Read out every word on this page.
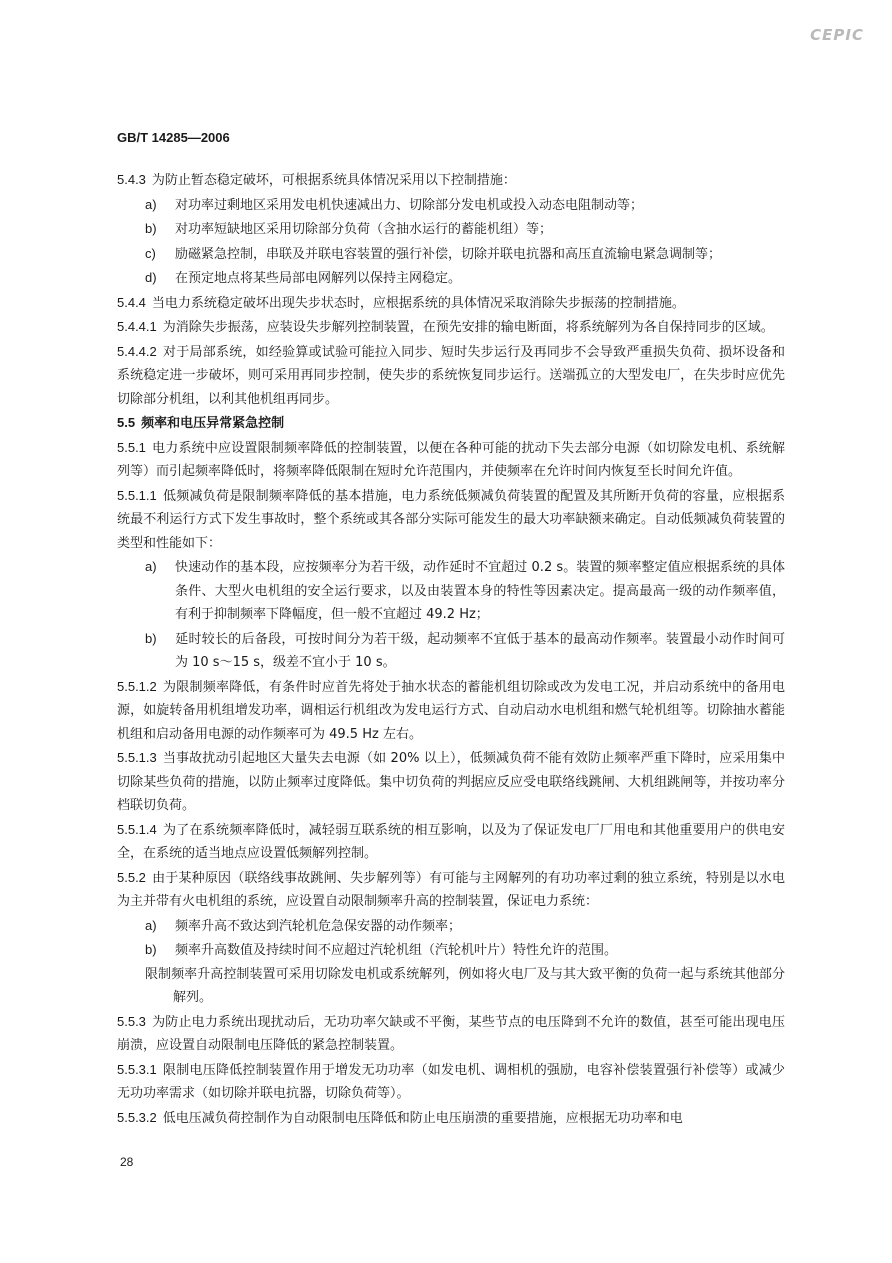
CEPIC
GB/T 14285—2006

5.4.3 为防止暂态稳定破坏，可根据系统具体情况采用以下控制措施：

a) 对功率过剩地区采用发电机快速减出力、切除部分发电机或投入动态电阻制动等；

b) 对功率短缺地区采用切除部分负荷（含抽水运行的蓄能机组）等；

c) 励磁紧急控制，串联及并联电容装置的强行补偿，切除并联电抗器和高压直流输电紧急调制等；

d) 在预定地点将某些局部电网解列以保持主网稳定。

5.4.4 当电力系统稳定破坏出现失步状态时，应根据系统的具体情况采取消除失步振荡的控制措施。

5.4.4.1 为消除失步振荡，应装设失步解列控制装置，在预先安排的输电断面，将系统解列为各自保持同步的区域。

5.4.4.2 对于局部系统，如经验算或试验可能拉入同步、短时失步运行及再同步不会导致严重损失负荷、损坏设备和系统稳定进一步破坏，则可采用再同步控制，使失步的系统恢复同步运行。送端孤立的大型发电厂，在失步时应优先切除部分机组，以利其他机组再同步。

5.5 频率和电压异常紧急控制

5.5.1 电力系统中应设置限制频率降低的控制装置，以便在各种可能的扰动下失去部分电源（如切除发电机、系统解列等）而引起频率降低时，将频率降低限制在短时允许范围内，并使频率在允许时间内恢复至长时间允许值。

5.5.1.1 低频减负荷是限制频率降低的基本措施，电力系统低频减负荷装置的配置及其所断开负荷的容量，应根据系统最不利运行方式下发生事故时，整个系统或其各部分实际可能发生的最大功率缺额来确定。自动低频减负荷装置的类型和性能如下：

a) 快速动作的基本段，应按频率分为若干级，动作延时不宜超过 0.2 s。装置的频率整定值应根据系统的具体条件、大型火电机组的安全运行要求，以及由装置本身的特性等因素决定。提高最高一级的动作频率值，有利于抑制频率下降幅度，但一般不宜超过 49.2 Hz；

b) 延时较长的后备段，可按时间分为若干级，起动频率不宜低于基本的最高动作频率。装置最小动作时间可为 10 s～15 s，级差不宜小于 10 s。

5.5.1.2 为限制频率降低，有条件时应首先将处于抽水状态的蓄能机组切除或改为发电工况，并启动系统中的备用电源，如旋转备用机组增发功率，调相运行机组改为发电运行方式、自动启动水电机组和燃气轮机组等。切除抽水蓄能机组和启动备用电源的动作频率可为 49.5 Hz 左右。

5.5.1.3 当事故扰动引起地区大量失去电源（如 20% 以上），低频减负荷不能有效防止频率严重下降时，应采用集中切除某些负荷的措施，以防止频率过度降低。集中切负荷的判据应反应受电联络线跳闸、大机组跳闸等，并按功率分档联切负荷。

5.5.1.4 为了在系统频率降低时，减轻弱互联系统的相互影响，以及为了保证发电厂厂用电和其他重要用户的供电安全，在系统的适当地点应设置低频解列控制。

5.5.2 由于某种原因（联络线事故跳闸、失步解列等）有可能与主网解列的有功功率过剩的独立系统，特别是以水电为主并带有火电机组的系统，应设置自动限制频率升高的控制装置，保证电力系统：

a) 频率升高不致达到汽轮机危急保安器的动作频率；

b) 频率升高数值及持续时间不应超过汽轮机组（汽轮机叶片）特性允许的范围。

限制频率升高控制装置可采用切除发电机或系统解列，例如将火电厂及与其大致平衡的负荷一起与系统其他部分解列。

5.5.3 为防止电力系统出现扰动后，无功功率欠缺或不平衡，某些节点的电压降到不允许的数值，甚至可能出现电压崩溃，应设置自动限制电压降低的紧急控制装置。

5.5.3.1 限制电压降低控制装置作用于增发无功功率（如发电机、调相机的强励，电容补偿装置强行补偿等）或减少无功功率需求（如切除并联电抗器，切除负荷等）。

5.5.3.2 低电压减负荷控制作为自动限制电压降低和防止电压崩溃的重要措施，应根据无功功率和电

28
